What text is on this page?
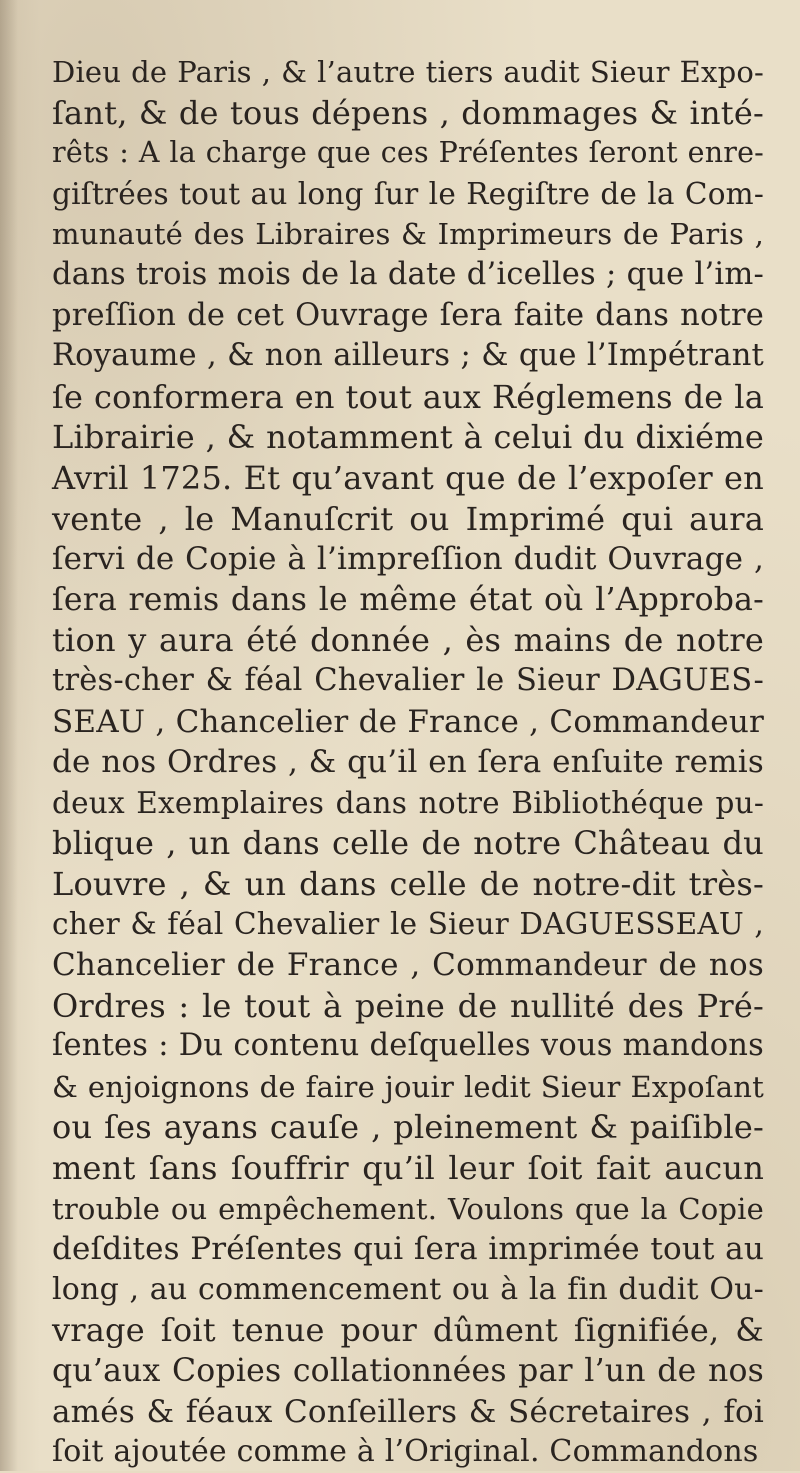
Dieu de Paris , & l’autre tiers audit Sieur Expo-
ſant, & de tous dépens , dommages & inté-
rêts : A la charge que ces Préſentes ſeront enre-
giſtrées tout au long ſur le Regiſtre de la Com-
munauté des Libraires & Imprimeurs de Paris ,
dans trois mois de la date d’icelles ; que l’im-
preſſion de cet Ouvrage ſera faite dans notre
Royaume , & non ailleurs ; & que l’Impétrant
ſe conformera en tout aux Réglemens de la
Librairie , & notamment à celui du dixiéme
Avril 1725. Et qu’avant que de l’expoſer en
vente , le Manuſcrit ou Imprimé qui aura
ſervi de Copie à l’impreſſion dudit Ouvrage ,
ſera remis dans le même état où l’Approba-
tion y aura été donnée , ès mains de notre
très-cher & féal Chevalier le Sieur DAGUES-
SEAU , Chancelier de France , Commandeur
de nos Ordres , & qu’il en ſera enſuite remis
deux Exemplaires dans notre Bibliothéque pu-
blique , un dans celle de notre Château du
Louvre , & un dans celle de notre-dit très-
cher & féal Chevalier le Sieur DAGUESSEAU ,
Chancelier de France , Commandeur de nos
Ordres : le tout à peine de nullité des Pré-
ſentes : Du contenu deſquelles vous mandons
& enjoignons de faire jouir ledit Sieur Expoſant
ou ſes ayans cauſe , pleinement & paiſible-
ment ſans ſouffrir qu’il leur ſoit fait aucun
trouble ou empêchement. Voulons que la Copie
deſdites Préſentes qui ſera imprimée tout au
long , au commencement ou à la fin dudit Ou-
vrage ſoit tenue pour dûment ſignifiée, &
qu’aux Copies collationnées par l’un de nos
amés & féaux Conſeillers & Sécretaires , foi
ſoit ajoutée comme à l’Original. Commandons
